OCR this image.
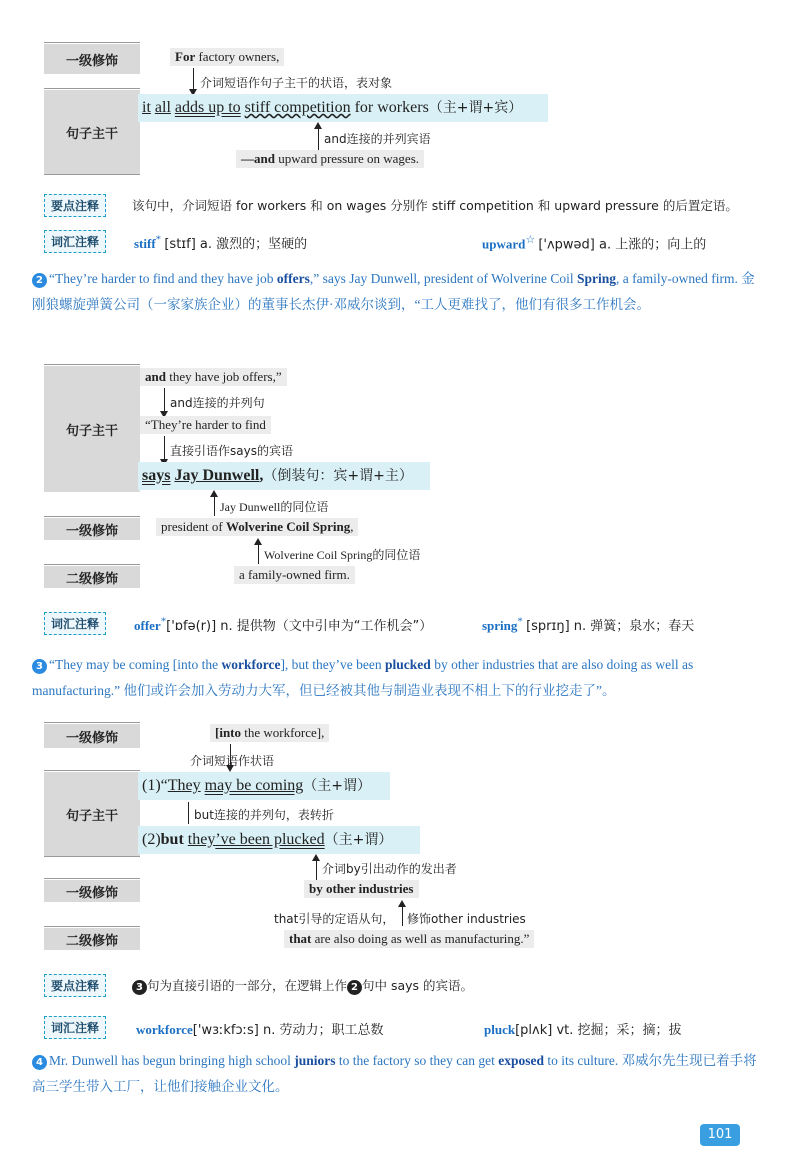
一级修饰
句子主干
For factory owners,
介词短语作句子主干的状语，表对象
it all adds up to stiff competition for workers（主+谓+宾）
and连接的并列宾语
—and upward pressure on wages.
要点注释	该句中，介词短语 for workers 和 on wages 分别作 stiff competition 和 upward pressure 的后置定语。
词汇注释	stiff* [stɪf] a. 激烈的；坚硬的	upward☆ ['ʌpwəd] a. 上涨的；向上的
2 “They’re harder to find and they have job offers,” says Jay Dunwell, president of Wolverine Coil Spring, a family-owned firm. 金刚狼螺旋弹簧公司（一家家族企业）的董事长杰伊·邓威尔谈到，“工人更难找了，他们有很多工作机会。
句子主干
and they have job offers,”
and连接的并列句
“They’re harder to find
直接引语作says的宾语
says Jay Dunwell,（倒装句：宾+谓+主）
Jay Dunwell的同位语
一级修饰	president of Wolverine Coil Spring,
Wolverine Coil Spring的同位语
二级修饰	a family-owned firm.
词汇注释	offer*['ɒfə(r)] n. 提供物（文中引申为“工作机会”）	spring* [sprɪŋ] n. 弹簧；泉水；春天
3 “They may be coming [into the workforce], but they’ve been plucked by other industries that are also doing as well as manufacturing.” 他们或许会加入劳动力大军，但已经被其他与制造业表现不相上下的行业挖走了”。
一级修饰	[into the workforce],
介词短语作状语
句子主干
(1)“They may be coming（主+谓）
but连接的并列句，表转折
(2)but they’ve been plucked（主+谓）
介词by引出动作的发出者
一级修饰	by other industries
that引导的定语从句， 修饰other industries
二级修饰	that are also doing as well as manufacturing.”
要点注释	3 句为直接引语的一部分，在逻辑上作 2 句中 says 的宾语。
词汇注释	workforce['wɜːkfɔːs] n. 劳动力；职工总数	pluck[plʌk] vt. 挖掘；采；摘；拔
4 Mr. Dunwell has begun bringing high school juniors to the factory so they can get exposed to its culture. 邓威尔先生现已着手将高三学生带入工厂，让他们接触企业文化。
101
